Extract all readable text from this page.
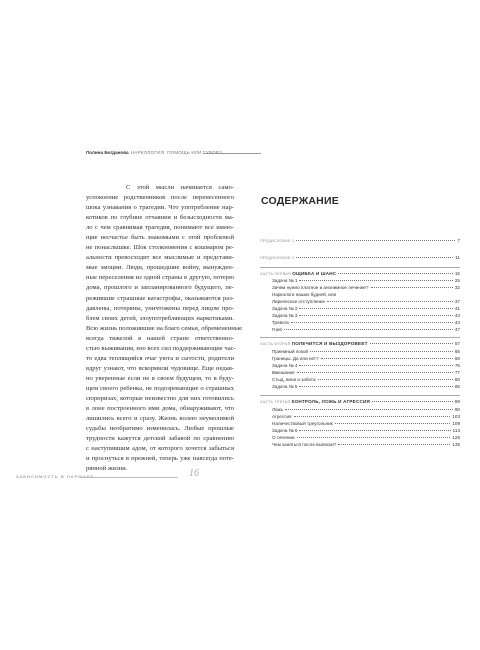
Полина Богданова НАРКОЛОГИЯ: ПОМОЩЬ ИЛИ ГУБОВ?
С этой мысли начинается само-
успокоение родственников после перенесенного
шока узнавания о трагедии. Что употребление нар-
котиков по глубине отчаяния и безысходности ма-
ло с чем сравнимая трагедия, понимают все имею-
щие несчастье быть знакомыми с этой проблемой
не понаслышке. Шок столкновения с кошмаром ре-
альности превосходит все мыслимые и представи-
мые эмоции. Люди, прошедшие войну, вынужден-
ные переселения из одной страны в другую, потерю
дома, прошлого и запланированного будущего, пе-
режившие страшные катастрофы, оказываются раз-
давлены, потеряны, уничтожены перед лицом про-
блем своих детей, злоупотребляющих наркотиками.
Всю жизнь положившие на благо семьи, обремененные
всегда тяжелой в нашей стране ответственно-
стью выживания, изо всех сил поддерживающие час-
то едва теплящийся очаг уюта и сытости, родители
вдруг узнают, что вскормили чудовище. Еще недав-
но уверенные если не в своем будущем, то в буду-
щем своего ребенка, не подозревающие о страшных
сюрпризах, которые неизвестно для них готовились
в лоне построенного ими дома, обнаруживают, что
лишились всего и сразу. Жизнь волею неумолимой
судьбы необратимо изменилась. Любые прошлые
трудности кажутся детской забавой по сравнению
с наступившим адом, от которого хочется забыться
и проснуться в прежней, теперь уже навсегда поте-
рянной жизни.
ЗАВИСИМОСТЬ В ПАРМАНЕ	16
СОДЕРЖАНИЕ
ПРЕДИСЛОВИЕ 1	7
ПРЕДИСЛОВИЕ 2	11
ЧАСТЬ ПЕРВАЯ ОЩИБКА И ШАНС	15
Задача № 1	25
Зачем нужно платное и анонимное лечение?	32
Наркологи наших будней, или
Лирическое отступление	37
Задача № 2	41
Задача № 3	43
Тревога	44
Гнев	47
ЧАСТЬ ВТОРАЯ ПОЛЕЧИТСЯ И ВЫЗДОРОВЕЕТ	57
Приемный покой	65
Границы. Да или нет?	66
Задача № 4	75
Вмешание	77
Стыд, вина и забота	80
Задача № 5	85
ЧАСТЬ ТРЕТЬЯ КОНТРОЛЬ, ЛОЖЬ И АГРЕССИЯ	89
Ложь	90
Агрессия	103
Наличествовый треугольник	109
Задача № 6	113
О лечении	125
Чем заняться после выписки?	135
